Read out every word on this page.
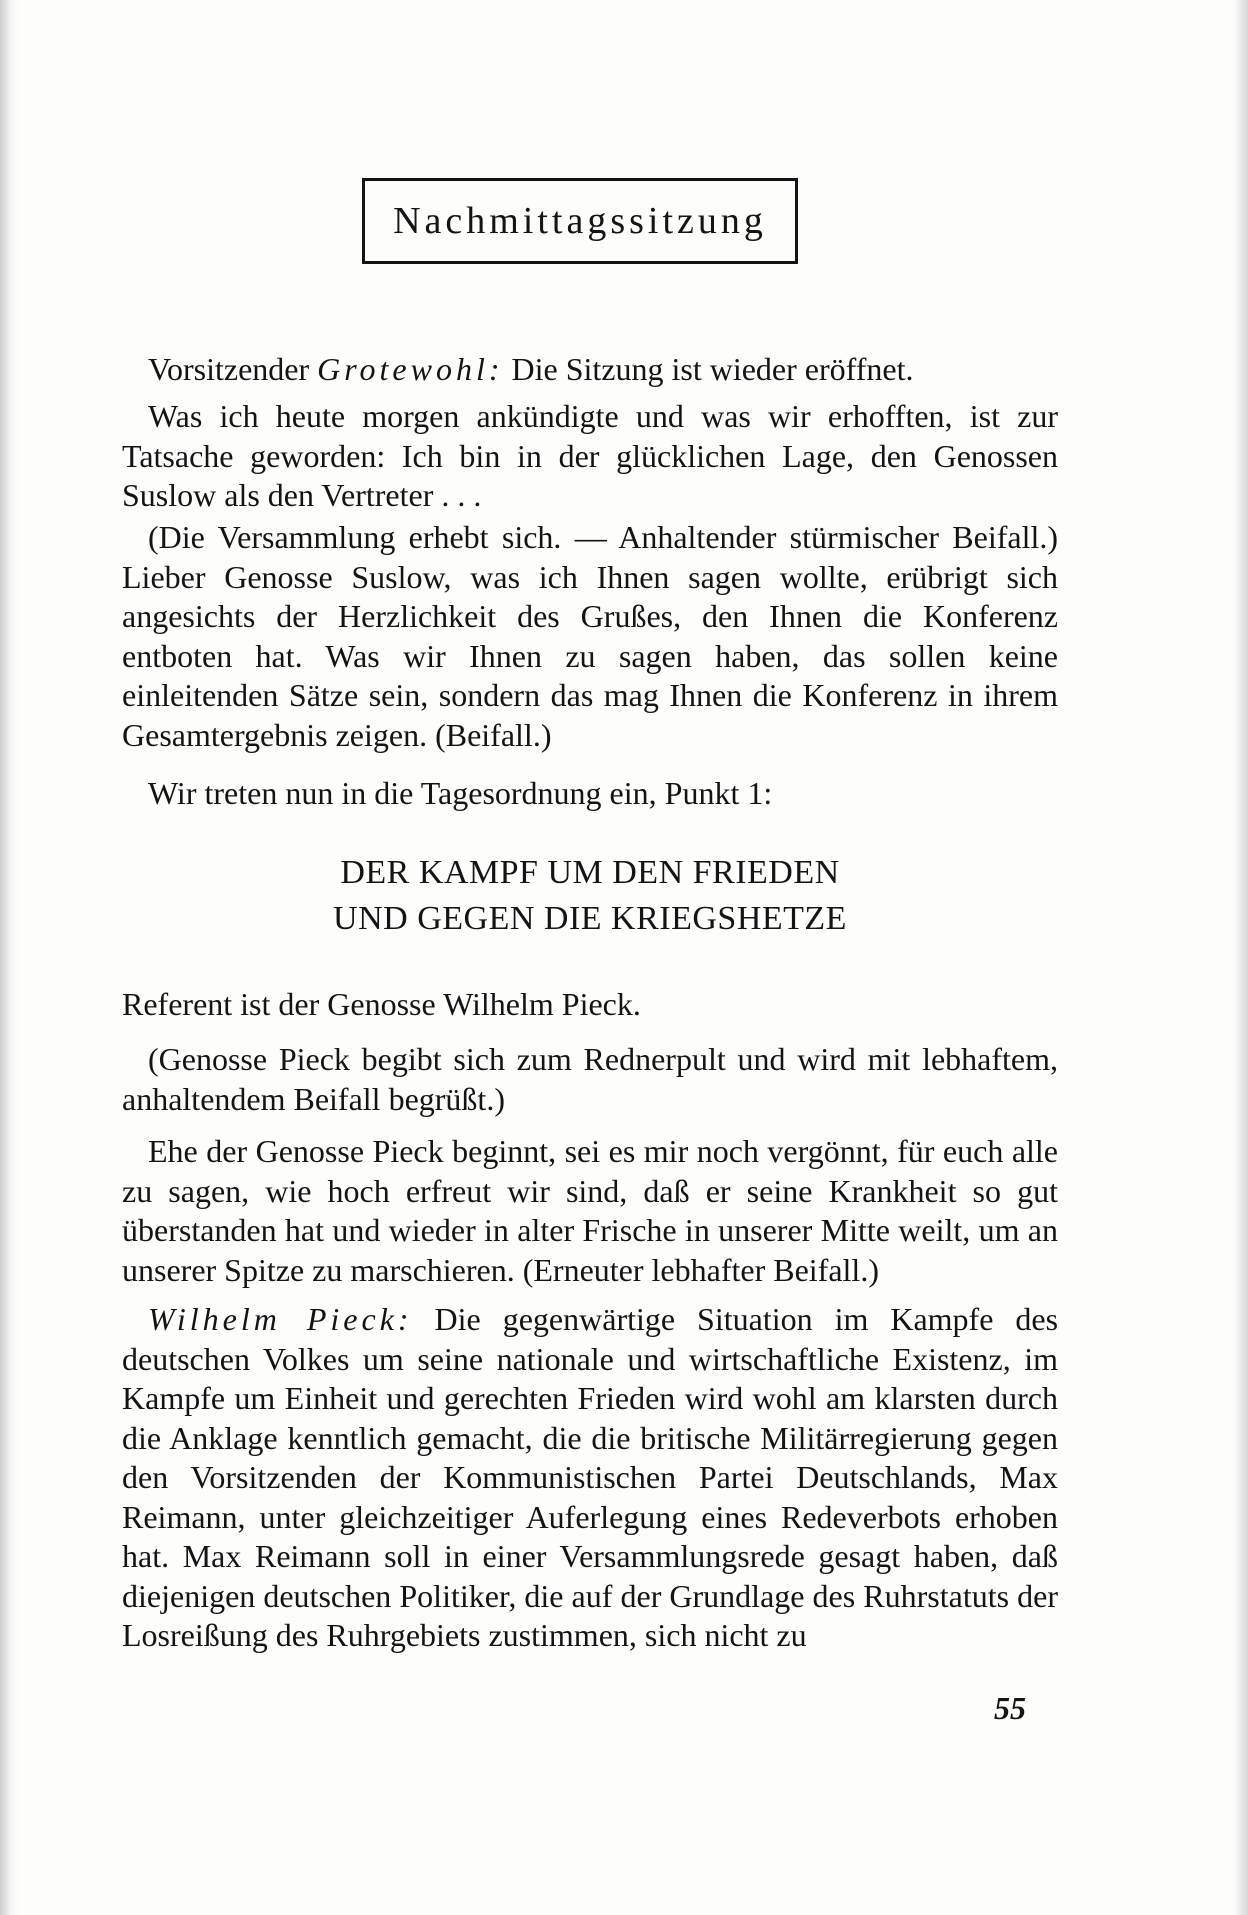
Nachmittagssitzung

Vorsitzender Grotewohl: Die Sitzung ist wieder eröffnet.

Was ich heute morgen ankündigte und was wir erhofften, ist zur Tatsache geworden: Ich bin in der glücklichen Lage, den Genossen Suslow als den Vertreter . . .

(Die Versammlung erhebt sich. — Anhaltender stürmischer Beifall.) Lieber Genosse Suslow, was ich Ihnen sagen wollte, erübrigt sich angesichts der Herzlichkeit des Grußes, den Ihnen die Konferenz entboten hat. Was wir Ihnen zu sagen haben, das sollen keine einleitenden Sätze sein, sondern das mag Ihnen die Konferenz in ihrem Gesamtergebnis zeigen. (Beifall.)

Wir treten nun in die Tagesordnung ein, Punkt 1:

DER KAMPF UM DEN FRIEDEN
UND GEGEN DIE KRIEGSHETZE

Referent ist der Genosse Wilhelm Pieck.

(Genosse Pieck begibt sich zum Rednerpult und wird mit lebhaftem, anhaltendem Beifall begrüßt.)

Ehe der Genosse Pieck beginnt, sei es mir noch vergönnt, für euch alle zu sagen, wie hoch erfreut wir sind, daß er seine Krankheit so gut überstanden hat und wieder in alter Frische in unserer Mitte weilt, um an unserer Spitze zu marschieren. (Erneuter lebhafter Beifall.)

Wilhelm Pieck: Die gegenwärtige Situation im Kampfe des deutschen Volkes um seine nationale und wirtschaftliche Existenz, im Kampfe um Einheit und gerechten Frieden wird wohl am klarsten durch die Anklage kenntlich gemacht, die die britische Militärregierung gegen den Vorsitzenden der Kommunistischen Partei Deutschlands, Max Reimann, unter gleichzeitiger Auferlegung eines Redeverbots erhoben hat. Max Reimann soll in einer Versammlungsrede gesagt haben, daß diejenigen deutschen Politiker, die auf der Grundlage des Ruhrstatuts der Losreißung des Ruhrgebiets zustimmen, sich nicht zu

55
